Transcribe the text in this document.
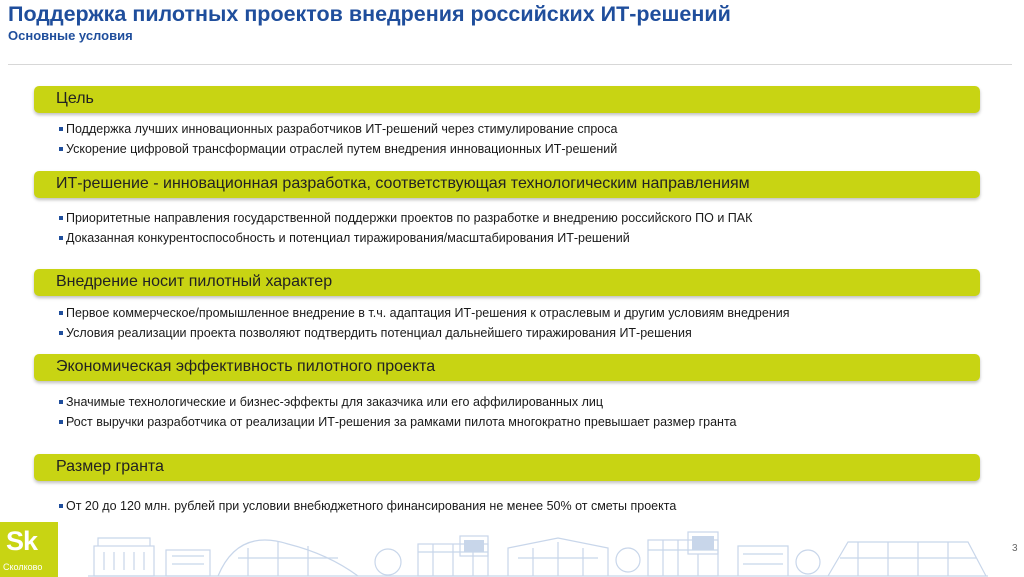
Поддержка пилотных проектов внедрения российских ИТ-решений
Основные условия
Цель
Поддержка лучших инновационных разработчиков ИТ-решений через стимулирование спроса
Ускорение цифровой трансформации отраслей путем внедрения инновационных ИТ-решений
ИТ-решение - инновационная разработка, соответствующая технологическим направлениям
Приоритетные направления государственной поддержки проектов по разработке и внедрению российского ПО и ПАК
Доказанная конкурентоспособность и потенциал тиражирования/масштабирования ИТ-решений
Внедрение носит пилотный характер
Первое коммерческое/промышленное внедрение в т.ч. адаптация ИТ-решения к отраслевым и другим условиям внедрения
Условия реализации проекта позволяют подтвердить потенциал дальнейшего тиражирования ИТ-решения
Экономическая эффективность пилотного проекта
Значимые технологические и бизнес-эффекты для заказчика или его аффилированных лиц
Рост выручки разработчика от реализации ИТ-решения за рамками пилота многократно превышает размер гранта
Размер гранта
От 20 до 120 млн. рублей при условии внебюджетного финансирования не менее 50% от сметы проекта
Sk
Сколково
3
